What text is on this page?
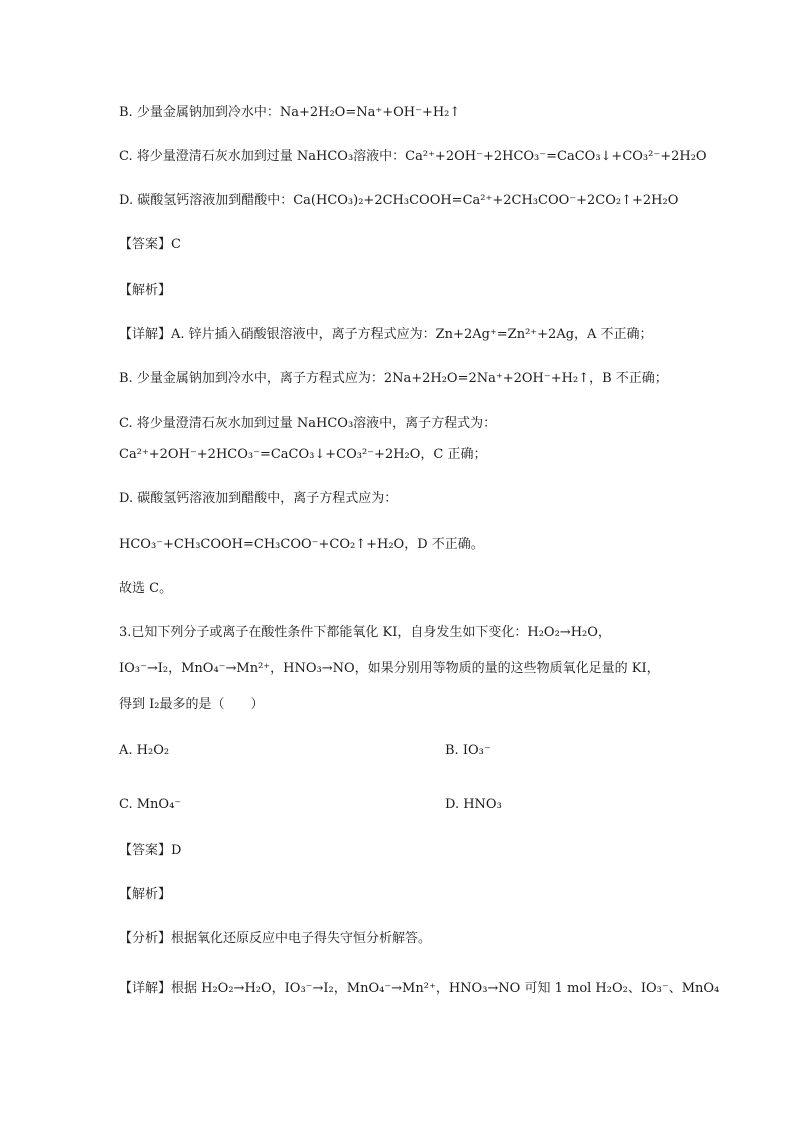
B. 少量金属钠加到冷水中：Na+2H₂O=Na⁺+OH⁻+H₂↑
C. 将少量澄清石灰水加到过量 NaHCO₃溶液中：Ca²⁺+2OH⁻+2HCO₃⁻=CaCO₃↓+CO₃²⁻+2H₂O
D. 碳酸氢钙溶液加到醋酸中：Ca(HCO₃)₂+2CH₃COOH=Ca²⁺+2CH₃COO⁻+2CO₂↑+2H₂O
【答案】C
【解析】
【详解】A. 锌片插入硝酸银溶液中，离子方程式应为：Zn+2Ag⁺=Zn²⁺+2Ag，A 不正确；
B. 少量金属钠加到冷水中，离子方程式应为：2Na+2H₂O=2Na⁺+2OH⁻+H₂↑，B 不正确；
C. 将少量澄清石灰水加到过量 NaHCO₃溶液中，离子方程式为：
Ca²⁺+2OH⁻+2HCO₃⁻=CaCO₃↓+CO₃²⁻+2H₂O，C 正确；
D. 碳酸氢钙溶液加到醋酸中，离子方程式应为：
HCO₃⁻+CH₃COOH=CH₃COO⁻+CO₂↑+H₂O，D 不正确。
故选 C。
3.已知下列分子或离子在酸性条件下都能氧化 KI，自身发生如下变化：H₂O₂→H₂O，
IO₃⁻→I₂，MnO₄⁻→Mn²⁺，HNO₃→NO，如果分别用等物质的量的这些物质氧化足量的 KI，
得到 I₂最多的是（　　）
A. H₂O₂	B. IO₃⁻
C. MnO₄⁻	D. HNO₃
【答案】D
【解析】
【分析】根据氧化还原反应中电子得失守恒分析解答。
【详解】根据 H₂O₂→H₂O，IO₃⁻→I₂，MnO₄⁻→Mn²⁺，HNO₃→NO 可知 1 mol H₂O₂、IO₃⁻、MnO₄
